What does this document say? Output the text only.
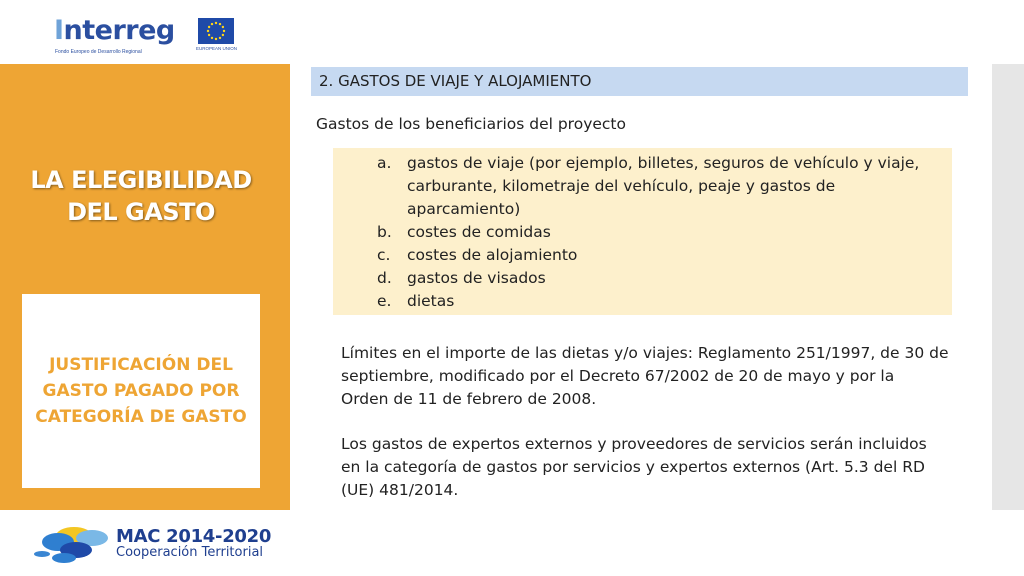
Interreg
Fondo Europeo de Desarrollo Regional
EUROPEAN UNION
LA ELEGIBILIDAD
DEL GASTO
JUSTIFICACIÓN DEL
GASTO PAGADO POR
CATEGORÍA DE GASTO
2. GASTOS DE VIAJE Y ALOJAMIENTO
Gastos de los beneficiarios del proyecto
a. gastos de viaje (por ejemplo, billetes, seguros de vehículo y viaje,
carburante, kilometraje del vehículo, peaje y gastos de
aparcamiento)
b. costes de comidas
c. costes de alojamiento
d. gastos de visados
e. dietas
Límites en el importe de las dietas y/o viajes: Reglamento 251/1997, de 30 de
septiembre, modificado por el Decreto 67/2002 de 20 de mayo y por la
Orden de 11 de febrero de 2008.
Los gastos de expertos externos y proveedores de servicios serán incluidos
en la categoría de gastos por servicios y expertos externos (Art. 5.3 del RD
(UE) 481/2014.
MAC 2014-2020
Cooperación Territorial
